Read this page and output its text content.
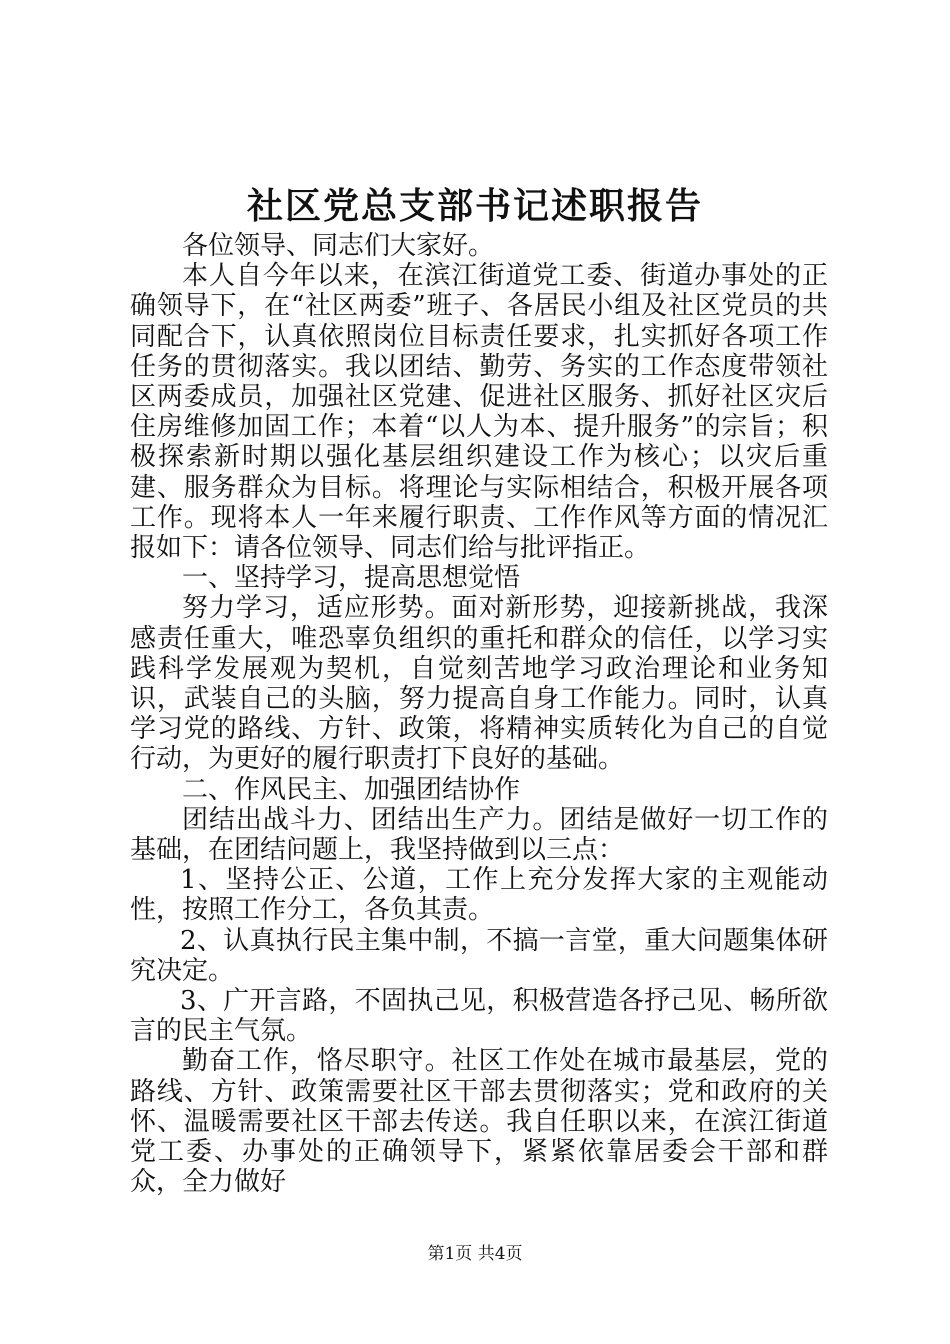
社区党总支部书记述职报告

各位领导、同志们大家好。

本人自今年以来，在滨江街道党工委、街道办事处的正确领导下，在“社区两委”班子、各居民小组及社区党员的共同配合下，认真依照岗位目标责任要求，扎实抓好各项工作任务的贯彻落实。我以团结、勤劳、务实的工作态度带领社区两委成员，加强社区党建、促进社区服务、抓好社区灾后住房维修加固工作；本着“以人为本、提升服务”的宗旨；积极探索新时期以强化基层组织建设工作为核心；以灾后重建、服务群众为目标。将理论与实际相结合，积极开展各项工作。现将本人一年来履行职责、工作作风等方面的情况汇报如下：请各位领导、同志们给与批评指正。

一、坚持学习，提高思想觉悟

努力学习，适应形势。面对新形势，迎接新挑战，我深感责任重大，唯恐辜负组织的重托和群众的信任，以学习实践科学发展观为契机，自觉刻苦地学习政治理论和业务知识，武装自己的头脑，努力提高自身工作能力。同时，认真学习党的路线、方针、政策，将精神实质转化为自己的自觉行动，为更好的履行职责打下良好的基础。

二、作风民主、加强团结协作

团结出战斗力、团结出生产力。团结是做好一切工作的基础，在团结问题上，我坚持做到以三点：

1、坚持公正、公道，工作上充分发挥大家的主观能动性，按照工作分工，各负其责。

2、认真执行民主集中制，不搞一言堂，重大问题集体研究决定。

3、广开言路，不固执己见，积极营造各抒己见、畅所欲言的民主气氛。

勤奋工作，恪尽职守。社区工作处在城市最基层，党的路线、方针、政策需要社区干部去贯彻落实；党和政府的关怀、温暖需要社区干部去传送。我自任职以来，在滨江街道党工委、办事处的正确领导下，紧紧依靠居委会干部和群众，全力做好

第1页 共4页
